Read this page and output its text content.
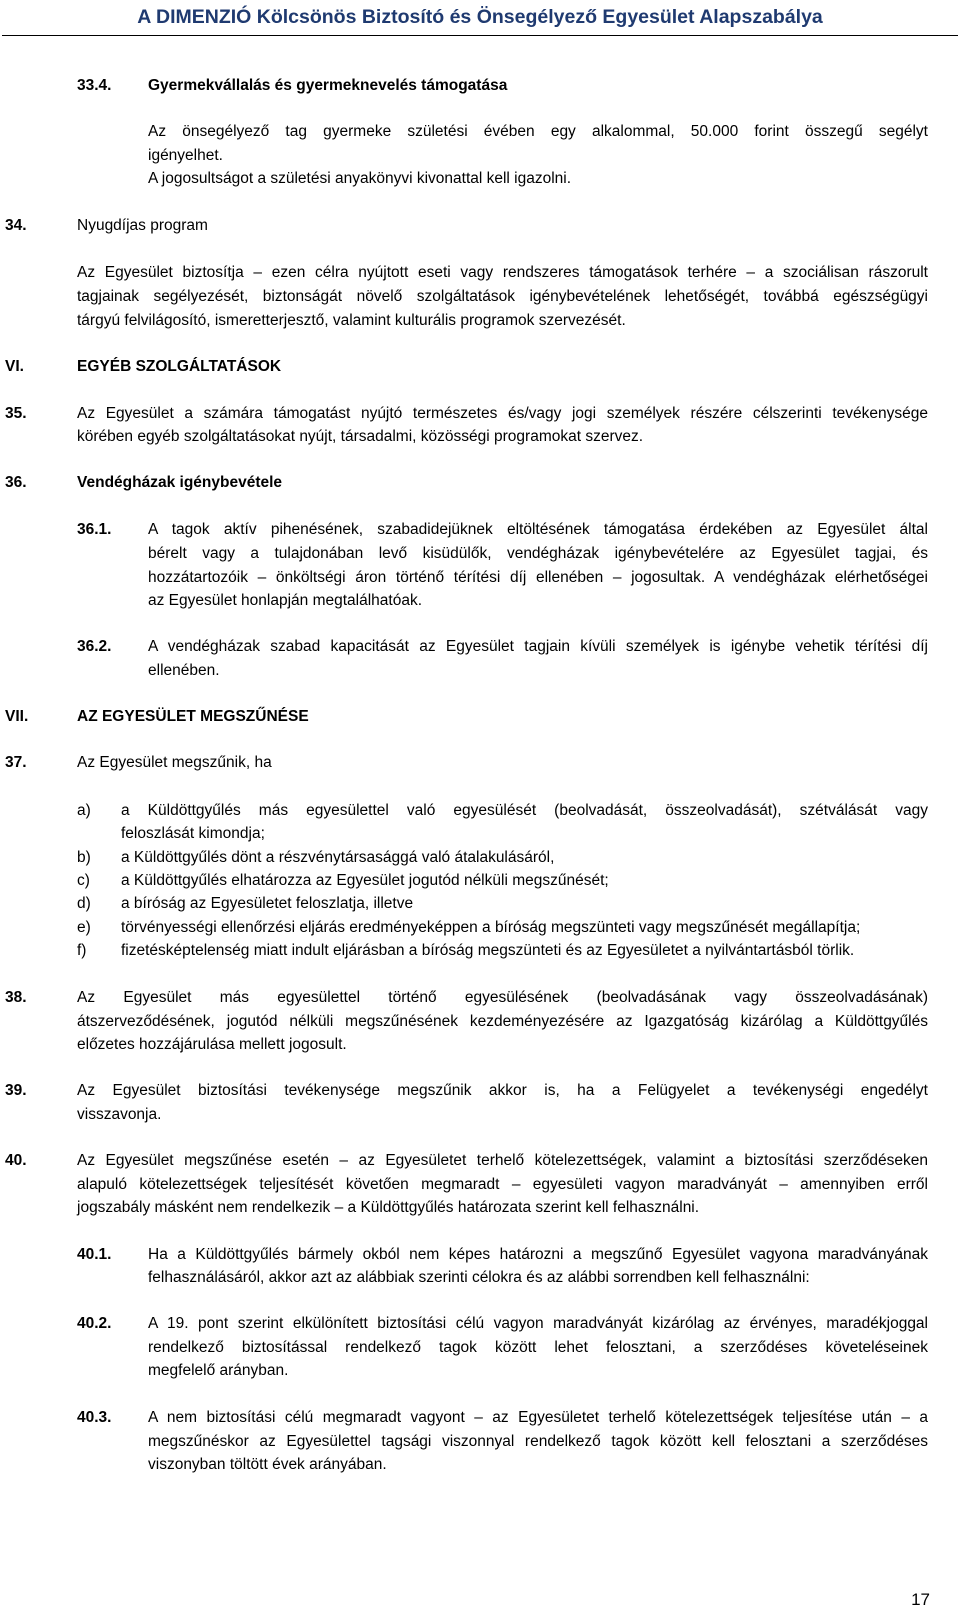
A DIMENZIÓ Kölcsönös Biztosító és Önsegélyező Egyesület Alapszabálya
33.4. Gyermekvállalás és gyermeknevelés támogatása
Az önsegélyező tag gyermeke születési évében egy alkalommal, 50.000 forint összegű segélyt
igényelhet.
A jogosultságot a születési anyakönyvi kivonattal kell igazolni.
34.	Nyugdíjas program
Az Egyesület biztosítja – ezen célra nyújtott eseti vagy rendszeres támogatások terhére – a szociálisan rászorult
tagjainak segélyezését, biztonságát növelő szolgáltatások igénybevételének lehetőségét, továbbá egészségügyi
tárgyú felvilágosító, ismeretterjesztő, valamint kulturális programok szervezését.
VI.	EGYÉB SZOLGÁLTATÁSOK
35.	Az Egyesület a számára támogatást nyújtó természetes és/vagy jogi személyek részére célszerinti tevékenysége
körében egyéb szolgáltatásokat nyújt, társadalmi, közösségi programokat szervez.
36.	Vendégházak igénybevétele
36.1. A tagok aktív pihenésének, szabadidejüknek eltöltésének támogatása érdekében az Egyesület által
bérelt vagy a tulajdonában levő kisüdülők, vendégházak igénybevételére az Egyesület tagjai, és
hozzátartozóik – önköltségi áron történő térítési díj ellenében – jogosultak. A vendégházak elérhetőségei
az Egyesület honlapján megtalálhatóak.
36.2. A vendégházak szabad kapacitását az Egyesület tagjain kívüli személyek is igénybe vehetik térítési díj
ellenében.
VII.	AZ EGYESÜLET MEGSZŰNÉSE
37.	Az Egyesület megszűnik, ha
a) a Küldöttgyűlés más egyesülettel való egyesülését (beolvadását, összeolvadását), szétválását vagy
feloszlását kimondja;
b) a Küldöttgyűlés dönt a részvénytársasággá való átalakulásáról,
c) a Küldöttgyűlés elhatározza az Egyesület jogutód nélküli megszűnését;
d) a bíróság az Egyesületet feloszlatja, illetve
e) törvényességi ellenőrzési eljárás eredményeképpen a bíróság megszünteti vagy megszűnését megállapítja;
f) fizetésképtelenség miatt indult eljárásban a bíróság megszünteti és az Egyesületet a nyilvántartásból törlik.
38.	Az Egyesület más egyesülettel történő egyesülésének (beolvadásának vagy összeolvadásának)
átszerveződésének, jogutód nélküli megszűnésének kezdeményezésére az Igazgatóság kizárólag a Küldöttgyűlés
előzetes hozzájárulása mellett jogosult.
39.	Az Egyesület biztosítási tevékenysége megszűnik akkor is, ha a Felügyelet a tevékenységi engedélyt
visszavonja.
40.	Az Egyesület megszűnése esetén – az Egyesületet terhelő kötelezettségek, valamint a biztosítási szerződéseken
alapuló kötelezettségek teljesítését követően megmaradt – egyesületi vagyon maradványát – amennyiben erről
jogszabály másként nem rendelkezik – a Küldöttgyűlés határozata szerint kell felhasználni.
40.1. Ha a Küldöttgyűlés bármely okból nem képes határozni a megszűnő Egyesület vagyona maradványának
felhasználásáról, akkor azt az alábbiak szerinti célokra és az alábbi sorrendben kell felhasználni:
40.2. A 19. pont szerint elkülönített biztosítási célú vagyon maradványát kizárólag az érvényes, maradékjoggal
rendelkező biztosítással rendelkező tagok között lehet felosztani, a szerződéses követeléseinek
megfelelő arányban.
40.3. A nem biztosítási célú megmaradt vagyont – az Egyesületet terhelő kötelezettségek teljesítése után – a
megszűnéskor az Egyesülettel tagsági viszonnyal rendelkező tagok között kell felosztani a szerződéses
viszonyban töltött évek arányában.
17
